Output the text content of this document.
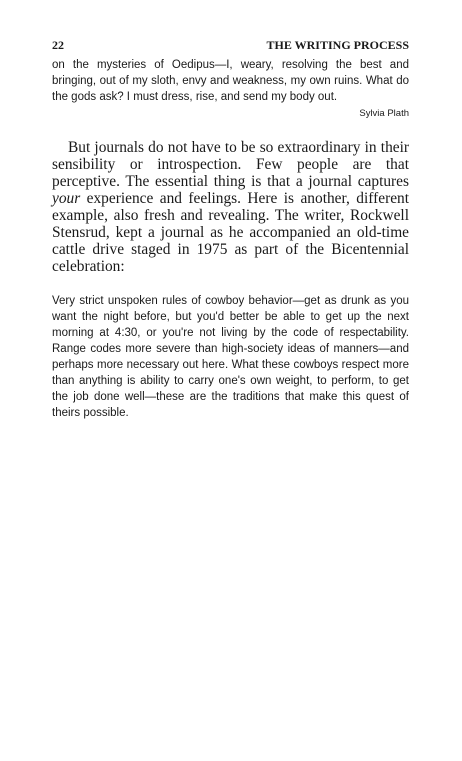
22	THE WRITING PROCESS

on the mysteries of Oedipus—I, weary, resolving the best and bringing, out of my sloth, envy and weakness, my own ruins. What do the gods ask? I must dress, rise, and send my body out.

Sylvia Plath

But journals do not have to be so extraordinary in their sensibility or introspection. Few people are that perceptive. The essential thing is that a journal captures your experience and feelings. Here is another, different example, also fresh and revealing. The writer, Rockwell Stensrud, kept a journal as he accompanied an old-time cattle drive staged in 1975 as part of the Bicentennial celebration:

Very strict unspoken rules of cowboy behavior—get as drunk as you want the night before, but you'd better be able to get up the next morning at 4:30, or you're not living by the code of respectability. Range codes more severe than high-society ideas of manners—and perhaps more necessary out here. What these cowboys respect more than anything is ability to carry one's own weight, to perform, to get the job done well—these are the traditions that make this quest of theirs possible.
